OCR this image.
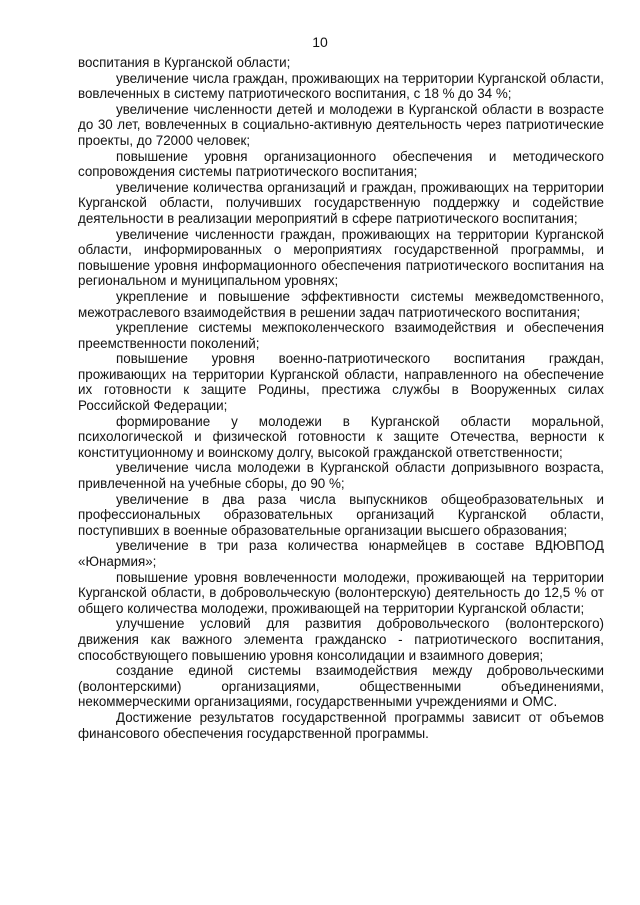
10

воспитания в Курганской области;

увеличение числа граждан, проживающих на территории Курганской области, вовлеченных в систему патриотического воспитания, с 18 % до 34 %;

увеличение численности детей и молодежи в Курганской области в возрасте до 30 лет, вовлеченных в социально-активную деятельность через патриотические проекты, до 72000 человек;

повышение уровня организационного обеспечения и методического сопровождения системы патриотического воспитания;

увеличение количества организаций и граждан, проживающих на территории Курганской области, получивших государственную поддержку и содействие деятельности в реализации мероприятий в сфере патриотического воспитания;

увеличение численности граждан, проживающих на территории Курганской области, информированных о мероприятиях государственной программы, и повышение уровня информационного обеспечения патриотического воспитания на региональном и муниципальном уровнях;

укрепление и повышение эффективности системы межведомственного, межотраслевого взаимодействия в решении задач патриотического воспитания;

укрепление системы межпоколенческого взаимодействия и обеспечения преемственности поколений;

повышение уровня военно-патриотического воспитания граждан, проживающих на территории Курганской области, направленного на обеспечение их готовности к защите Родины, престижа службы в Вооруженных силах Российской Федерации;

формирование у молодежи в Курганской области моральной, психологической и физической готовности к защите Отечества, верности к конституционному и воинскому долгу, высокой гражданской ответственности;

увеличение числа молодежи в Курганской области допризывного возраста, привлеченной на учебные сборы, до 90 %;

увеличение в два раза числа выпускников общеобразовательных и профессиональных образовательных организаций Курганской области, поступивших в военные образовательные организации высшего образования;

увеличение в три раза количества юнармейцев в составе ВДЮВПОД «Юнармия»;

повышение уровня вовлеченности молодежи, проживающей на территории Курганской области, в добровольческую (волонтерскую) деятельность до 12,5 % от общего количества молодежи, проживающей на территории Курганской области;

улучшение условий для развития добровольческого (волонтерского) движения как важного элемента гражданско - патриотического воспитания, способствующего повышению уровня консолидации и взаимного доверия;

создание единой системы взаимодействия между добровольческими (волонтерскими) организациями, общественными объединениями, некоммерческими организациями, государственными учреждениями и ОМС.

Достижение результатов государственной программы зависит от объемов финансового обеспечения государственной программы.
